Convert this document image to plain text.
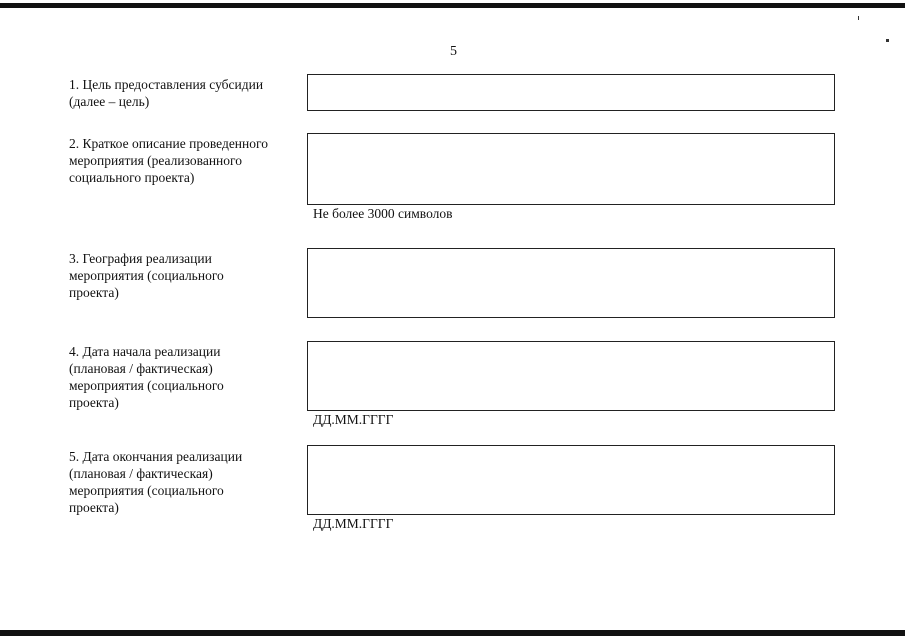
5
1. Цель предоставления субсидии
(далее – цель)
2. Краткое описание проведенного
мероприятия (реализованного
социального проекта)
Не более 3000 символов
3. География реализации
мероприятия (социального
проекта)
4. Дата начала реализации
(плановая / фактическая)
мероприятия (социального
проекта)
ДД.ММ.ГГГГ
5. Дата окончания реализации
(плановая / фактическая)
мероприятия (социального
проекта)
ДД.ММ.ГГГГ
